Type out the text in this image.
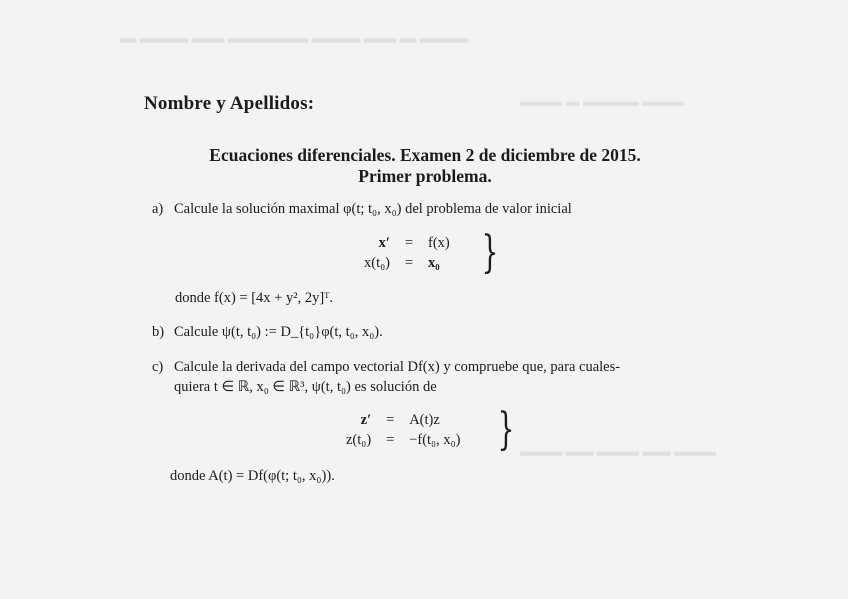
▬ ▬▬▬ ▬▬ ▬▬▬▬▬ ▬▬▬ ▬▬ ▬ ▬▬▬
▬▬▬ ▬ ▬▬▬▬ ▬▬▬
▬▬▬ ▬▬ ▬▬▬ ▬▬ ▬▬▬
Nombre y Apellidos:
Ecuaciones diferenciales. Examen 2 de diciembre de 2015.
Primer problema.
a) Calcule la solución maximal φ(t; t₀, x₀) del problema de valor inicial
x′	=	f(x)
x(t₀)	=	x₀ }
donde f(x) = [4x + y², 2y]ᵀ.
b) Calcule ψ(t, t₀) := D_{t₀}φ(t, t₀, x₀).
c) Calcule la derivada del campo vectorial Df(x) y compruebe que, para cuales-
quiera t ∈ ℝ, x₀ ∈ ℝ³, ψ(t, t₀) es solución de
z′	=	A(t)z
z(t₀)	=	−f(t₀, x₀) }
donde A(t) = Df(φ(t; t₀, x₀)).
